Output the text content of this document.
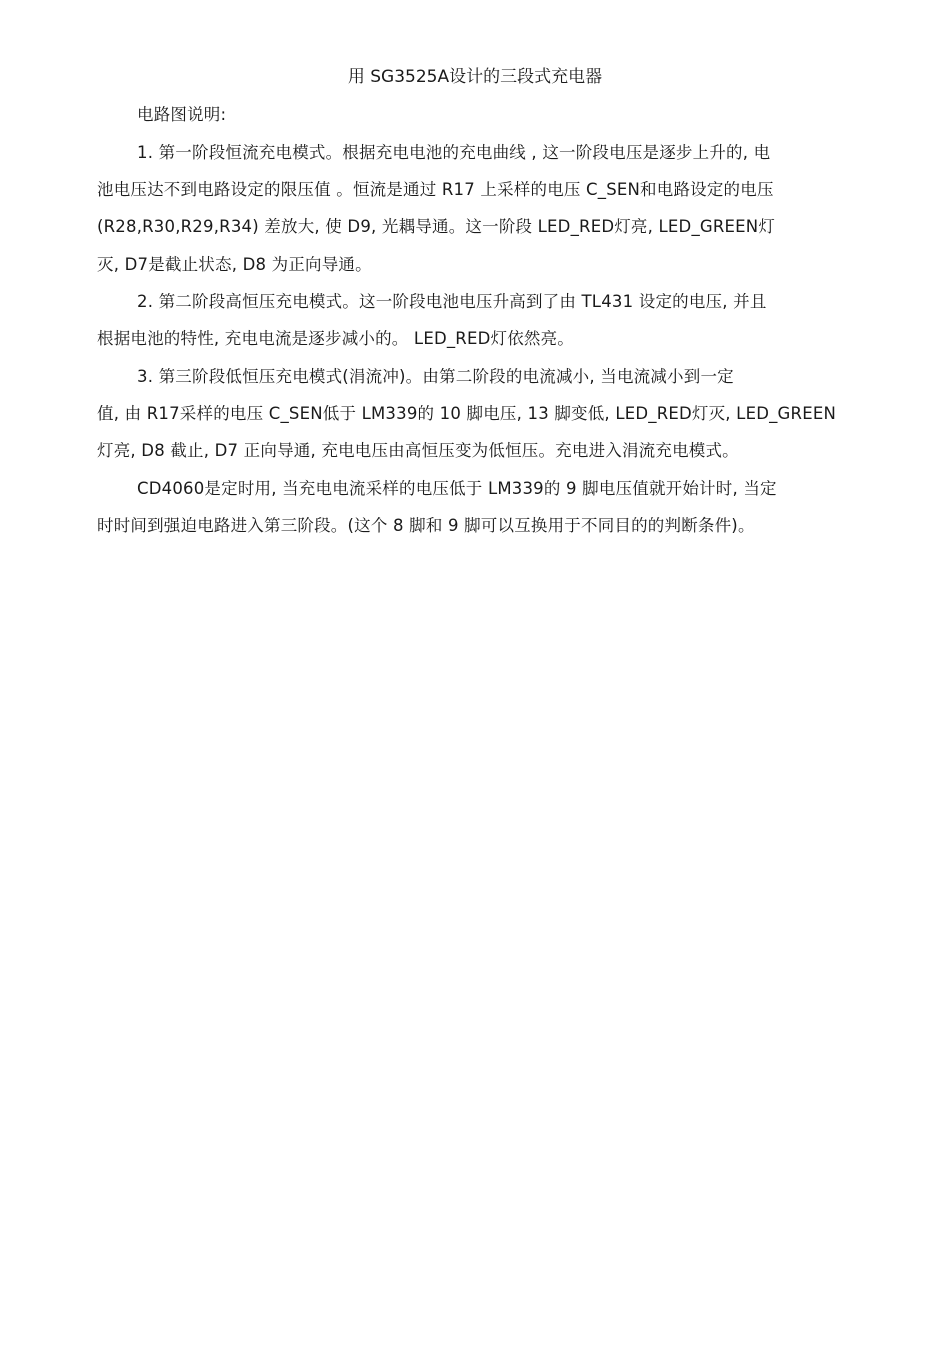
用 SG3525A设计的三段式充电器
电路图说明:
1. 第一阶段恒流充电模式。根据充电电池的充电曲线 , 这一阶段电压是逐步上升的, 电
池电压达不到电路设定的限压值 。恒流是通过 R17 上采样的电压 C_SEN和电路设定的电压
(R28,R30,R29,R34) 差放大, 使 D9, 光耦导通。这一阶段 LED_RED灯亮, LED_GREEN灯
灭, D7是截止状态, D8 为正向导通。
2. 第二阶段高恒压充电模式。这一阶段电池电压升高到了由 TL431 设定的电压, 并且
根据电池的特性, 充电电流是逐步减小的。 LED_RED灯依然亮。
3. 第三阶段低恒压充电模式(涓流冲)。由第二阶段的电流减小, 当电流减小到一定
值, 由 R17采样的电压 C_SEN低于 LM339的 10 脚电压, 13 脚变低, LED_RED灯灭, LED_GREEN
灯亮, D8 截止, D7 正向导通, 充电电压由高恒压变为低恒压。充电进入涓流充电模式。
CD4060是定时用, 当充电电流采样的电压低于 LM339的 9 脚电压值就开始计时, 当定
时时间到强迫电路进入第三阶段。(这个 8 脚和 9 脚可以互换用于不同目的的判断条件)。
